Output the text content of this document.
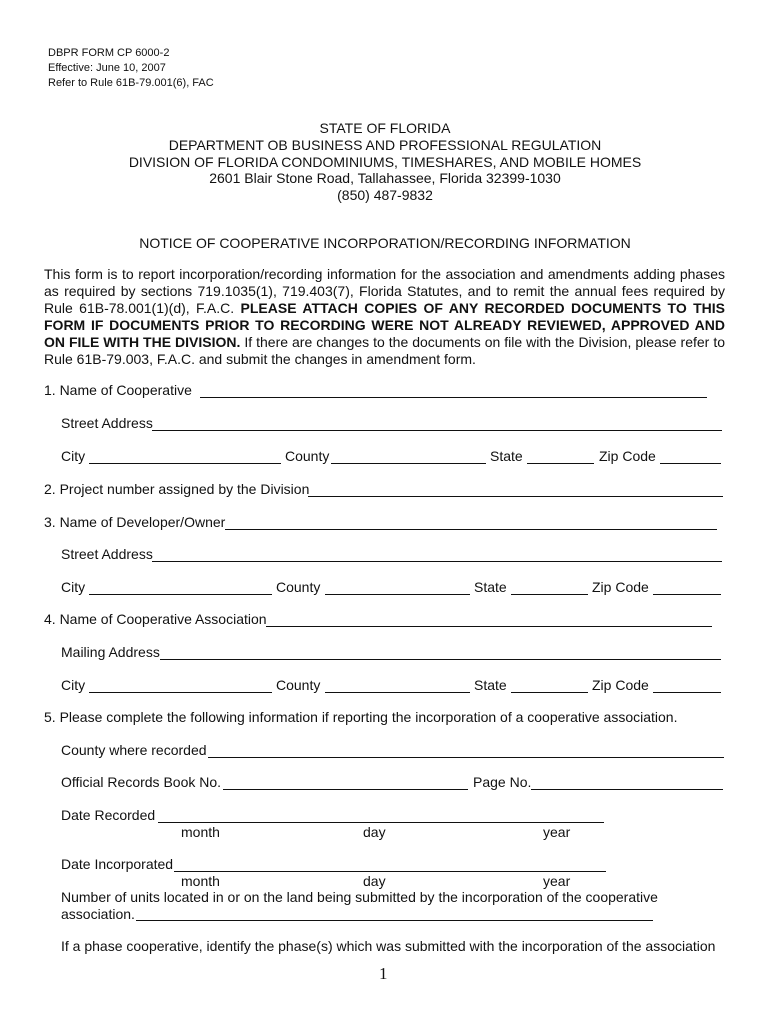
DBPR FORM CP 6000-2
Effective: June 10, 2007
Refer to Rule 61B-79.001(6), FAC
STATE OF FLORIDA
DEPARTMENT OB BUSINESS AND PROFESSIONAL REGULATION
DIVISION OF FLORIDA CONDOMINIUMS, TIMESHARES, AND MOBILE HOMES
2601 Blair Stone Road, Tallahassee, Florida 32399-1030
(850) 487-9832
NOTICE OF COOPERATIVE INCORPORATION/RECORDING INFORMATION
This form is to report incorporation/recording information for the association and amendments adding phases as required by sections 719.1035(1), 719.403(7), Florida Statutes, and to remit the annual fees required by Rule 61B-78.001(1)(d), F.A.C. PLEASE ATTACH COPIES OF ANY RECORDED DOCUMENTS TO THIS FORM IF DOCUMENTS PRIOR TO RECORDING WERE NOT ALREADY REVIEWED, APPROVED AND ON FILE WITH THE DIVISION. If there are changes to the documents on file with the Division, please refer to Rule 61B-79.003, F.A.C. and submit the changes in amendment form.
1. Name of Cooperative
Street Address
City	County	State	Zip Code
2. Project number assigned by the Division
3. Name of Developer/Owner
Street Address
City	County	State	Zip Code
4. Name of Cooperative Association
Mailing Address
City	County	State	Zip Code
5. Please complete the following information if reporting the incorporation of a cooperative association.
County where recorded
Official Records Book No.	Page No.
Date Recorded
month	day	year
Date Incorporated
month	day	year
Number of units located in or on the land being submitted by the incorporation of the cooperative
association.
If a phase cooperative, identify the phase(s) which was submitted with the incorporation of the association
1
